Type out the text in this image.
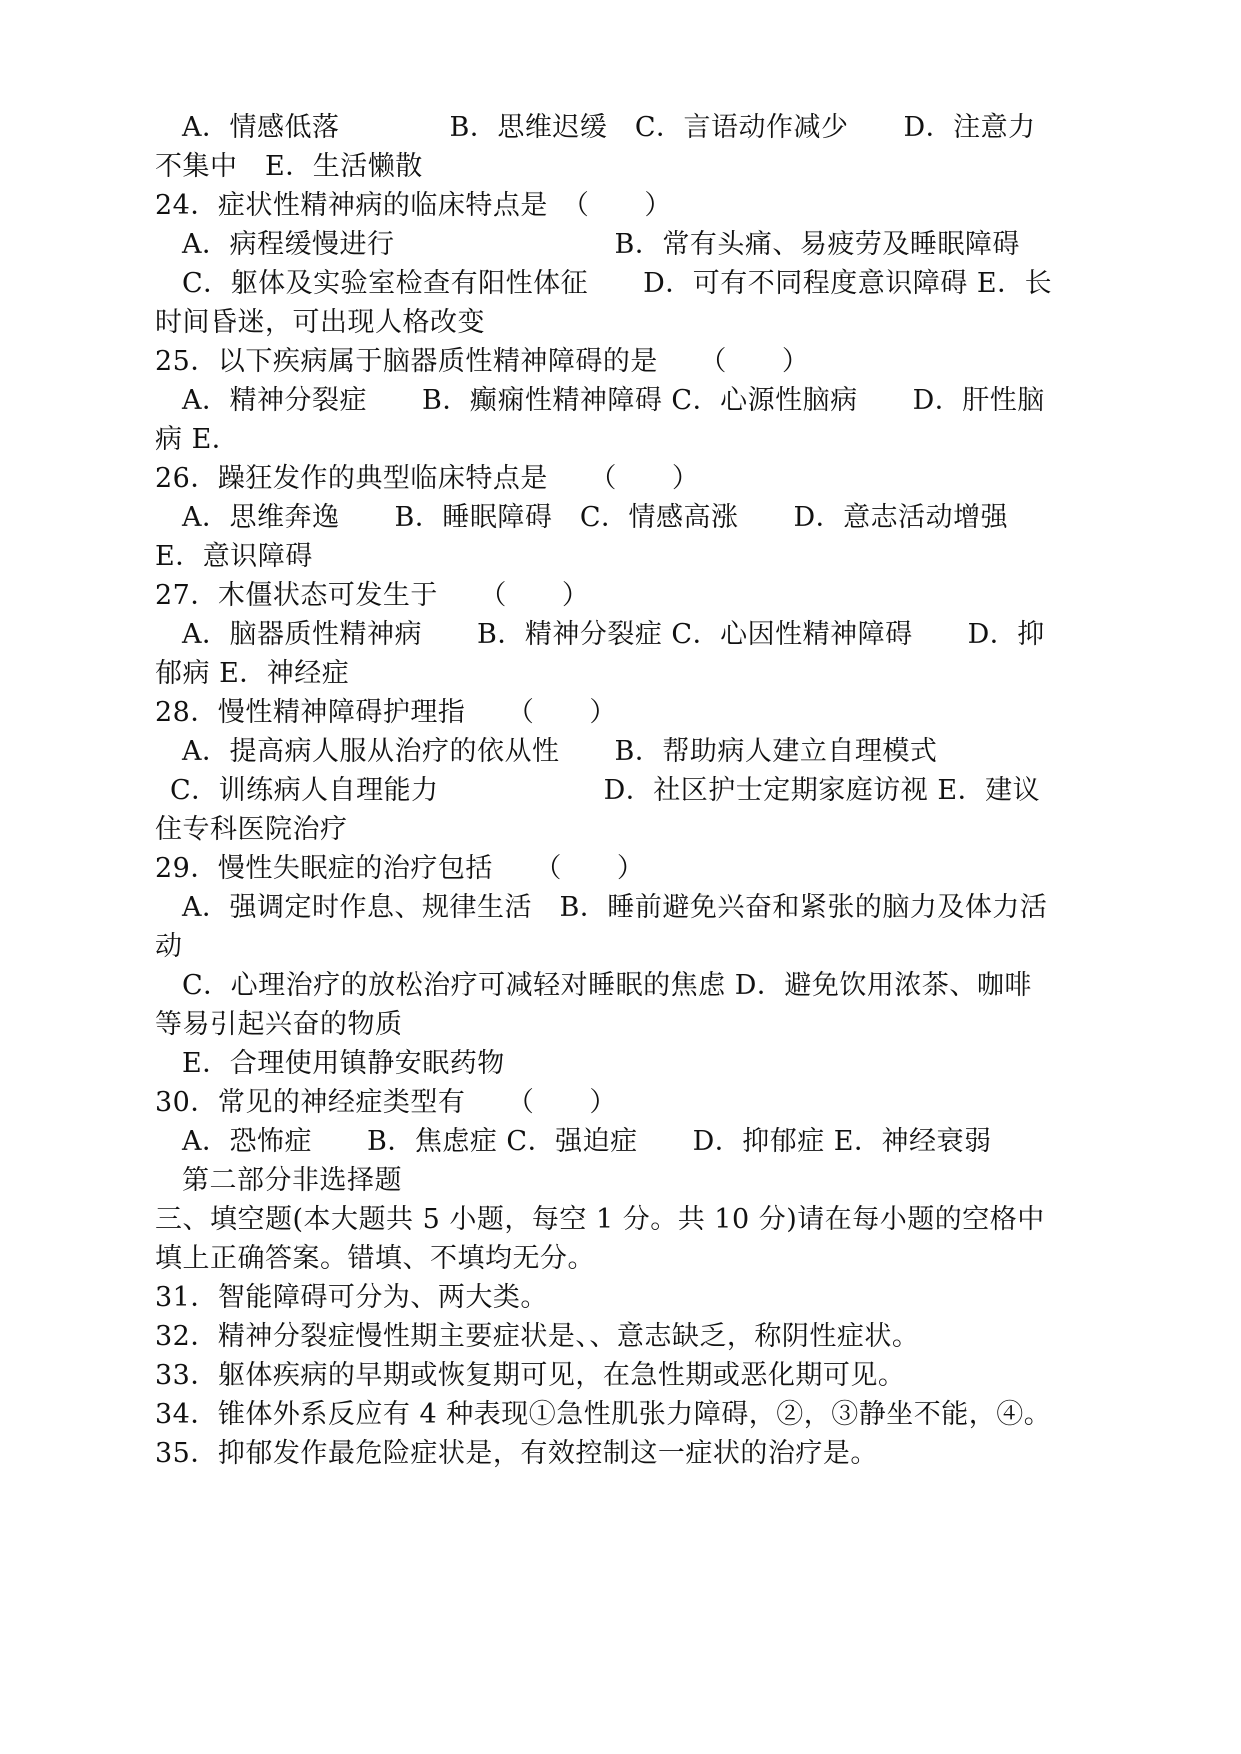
A．情感低落　　　　B．思维迟缓　C．言语动作减少　　D．注意力
不集中　E．生活懒散
24．症状性精神病的临床特点是　（　　）
A．病程缓慢进行　　　　　　　　B．常有头痛、易疲劳及睡眠障碍
C．躯体及实验室检查有阳性体征　　D．可有不同程度意识障碍 E．长
时间昏迷，可出现人格改变
25．以下疾病属于脑器质性精神障碍的是　　（　　）
A．精神分裂症　　B．癫痫性精神障碍 C．心源性脑病　　D．肝性脑
病 E．
26．躁狂发作的典型临床特点是　　（　　）
A．思维奔逸　　B．睡眠障碍　C．情感高涨　　D．意志活动增强
E．意识障碍
27．木僵状态可发生于　　（　　）
A．脑器质性精神病　　B．精神分裂症 C．心因性精神障碍　　D．抑
郁病 E．神经症
28．慢性精神障碍护理指　　（　　）
A．提高病人服从治疗的依从性　　B．帮助病人建立自理模式
C．训练病人自理能力　　　　　　D．社区护士定期家庭访视 E．建议
住专科医院治疗
29．慢性失眠症的治疗包括　　（　　）
A．强调定时作息、规律生活　B．睡前避免兴奋和紧张的脑力及体力活
动
C．心理治疗的放松治疗可减轻对睡眠的焦虑 D．避免饮用浓茶、咖啡
等易引起兴奋的物质
E．合理使用镇静安眠药物
30．常见的神经症类型有　　（　　）
A．恐怖症　　B．焦虑症 C．强迫症　　D．抑郁症 E．神经衰弱
第二部分非选择题
三、填空题(本大题共 5 小题，每空 1 分。共 10 分)请在每小题的空格中
填上正确答案。错填、不填均无分。
31．智能障碍可分为、两大类。
32．精神分裂症慢性期主要症状是、、意志缺乏，称阴性症状。
33．躯体疾病的早期或恢复期可见，在急性期或恶化期可见。
34．锥体外系反应有 4 种表现①急性肌张力障碍，②，③静坐不能，④。
35．抑郁发作最危险症状是，有效控制这一症状的治疗是。
